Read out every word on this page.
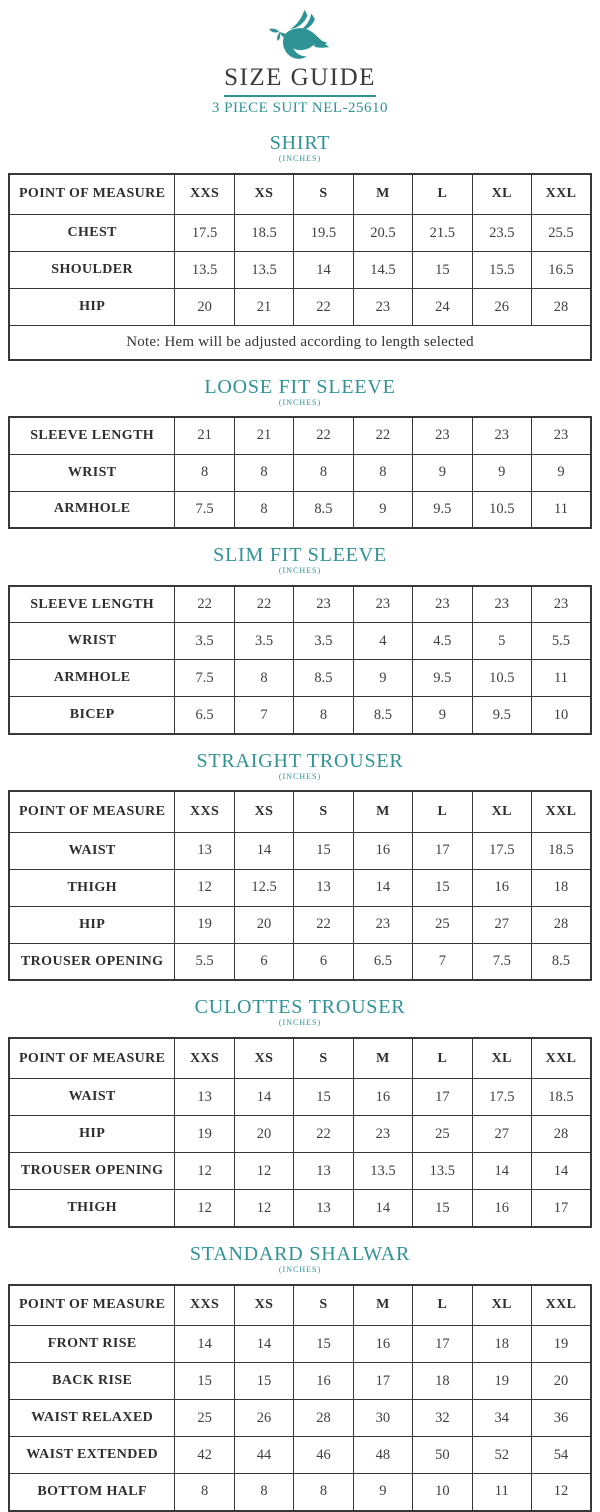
SIZE GUIDE
3 PIECE SUIT NEL-25610
SHIRT
(INCHES)
POINT OF MEASURE	XXS	XS	S	M	L	XL	XXL
CHEST	17.5	18.5	19.5	20.5	21.5	23.5	25.5
SHOULDER	13.5	13.5	14	14.5	15	15.5	16.5
HIP	20	21	22	23	24	26	28
Note: Hem will be adjusted according to length selected							
LOOSE FIT SLEEVE
(INCHES)
SLEEVE LENGTH	21	21	22	22	23	23	23
WRIST	8	8	8	8	9	9	9
ARMHOLE	7.5	8	8.5	9	9.5	10.5	11
SLIM FIT SLEEVE
(INCHES)
SLEEVE LENGTH	22	22	23	23	23	23	23
WRIST	3.5	3.5	3.5	4	4.5	5	5.5
ARMHOLE	7.5	8	8.5	9	9.5	10.5	11
BICEP	6.5	7	8	8.5	9	9.5	10
STRAIGHT TROUSER
(INCHES)
POINT OF MEASURE	XXS	XS	S	M	L	XL	XXL
WAIST	13	14	15	16	17	17.5	18.5
THIGH	12	12.5	13	14	15	16	18
HIP	19	20	22	23	25	27	28
TROUSER OPENING	5.5	6	6	6.5	7	7.5	8.5
CULOTTES TROUSER
(INCHES)
POINT OF MEASURE	XXS	XS	S	M	L	XL	XXL
WAIST	13	14	15	16	17	17.5	18.5
HIP	19	20	22	23	25	27	28
TROUSER OPENING	12	12	13	13.5	13.5	14	14
THIGH	12	12	13	14	15	16	17
STANDARD SHALWAR
(INCHES)
POINT OF MEASURE	XXS	XS	S	M	L	XL	XXL
FRONT RISE	14	14	15	16	17	18	19
BACK RISE	15	15	16	17	18	19	20
WAIST RELAXED	25	26	28	30	32	34	36
WAIST EXTENDED	42	44	46	48	50	52	54
BOTTOM HALF	8	8	8	9	10	11	12
